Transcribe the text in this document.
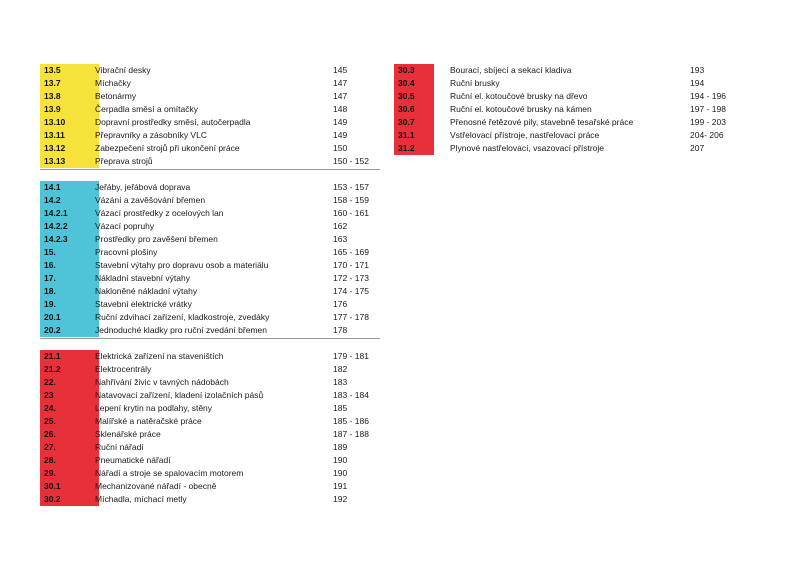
13.5	Vibrační desky	145
13.7	Míchačky	147
13.8	Betonármy	147
13.9	Čerpadla směsí a omítačky	148
13.10	Dopravní prostředky směsí, autočerpadla	149
13.11	Přepravníky a zásobníky VLC	149
13.12	Zabezpečení strojů při ukončení práce	150
13.13	Přeprava strojů	150 - 152
14.1	Jeřáby, jeřábová doprava	153 - 157
14.2	Vázání a zavěšování břemen	158 - 159
14.2.1	Vázací prostředky z ocelových lan	160 - 161
14.2.2	Vázací popruhy	162
14.2.3	Prostředky pro zavěšení břemen	163
15.	Pracovní plošiny	165 - 169
16.	Stavební výtahy pro dopravu osob a materiálu	170 - 171
17.	Nákladní stavební výtahy	172 - 173
18.	Nakloněné nákladní výtahy	174 - 175
19.	Stavební elektrické vrátky	176
20.1	Ruční zdvihací zařízení, kladkostroje, zvedáky	177 - 178
20.2	Jednoduché kladky pro ruční zvedání břemen	178
21.1	Elektrická zařízení na staveništích	179 - 181
21.2	Elektrocentrály	182
22.	Nahřívání živic v tavných nádobách	183
23	Natavovací zařízení, kladení izolačních pásů	183 - 184
24.	Lepení krytin na podlahy, stěny	185
25.	Malířské a natěračské práce	185 - 186
26.	Sklenářské práce	187 - 188
27.	Ruční nářadí	189
28.	Pneumatické nářadí	190
29.	Nářadí a stroje se spalovacím motorem	190
30.1	Mechanizované nářadí - obecně	191
30.2	Míchadla, míchací metly	192
30.3	Bourací, sbíjecí a sekací kladiva	193
30.4	Ruční brusky	194
30.5	Ruční el. kotoučové brusky na dřevo	194 - 196
30.6	Ruční el. kotoučové brusky na kámen	197 - 198
30.7	Přenosné řetězové pily, stavebně tesařské práce	199 - 203
31.1	Vstřelovací přístroje, nastřelovací práce	204- 206
31.2	Plynové nastřelovací, vsazovací přístroje	207
